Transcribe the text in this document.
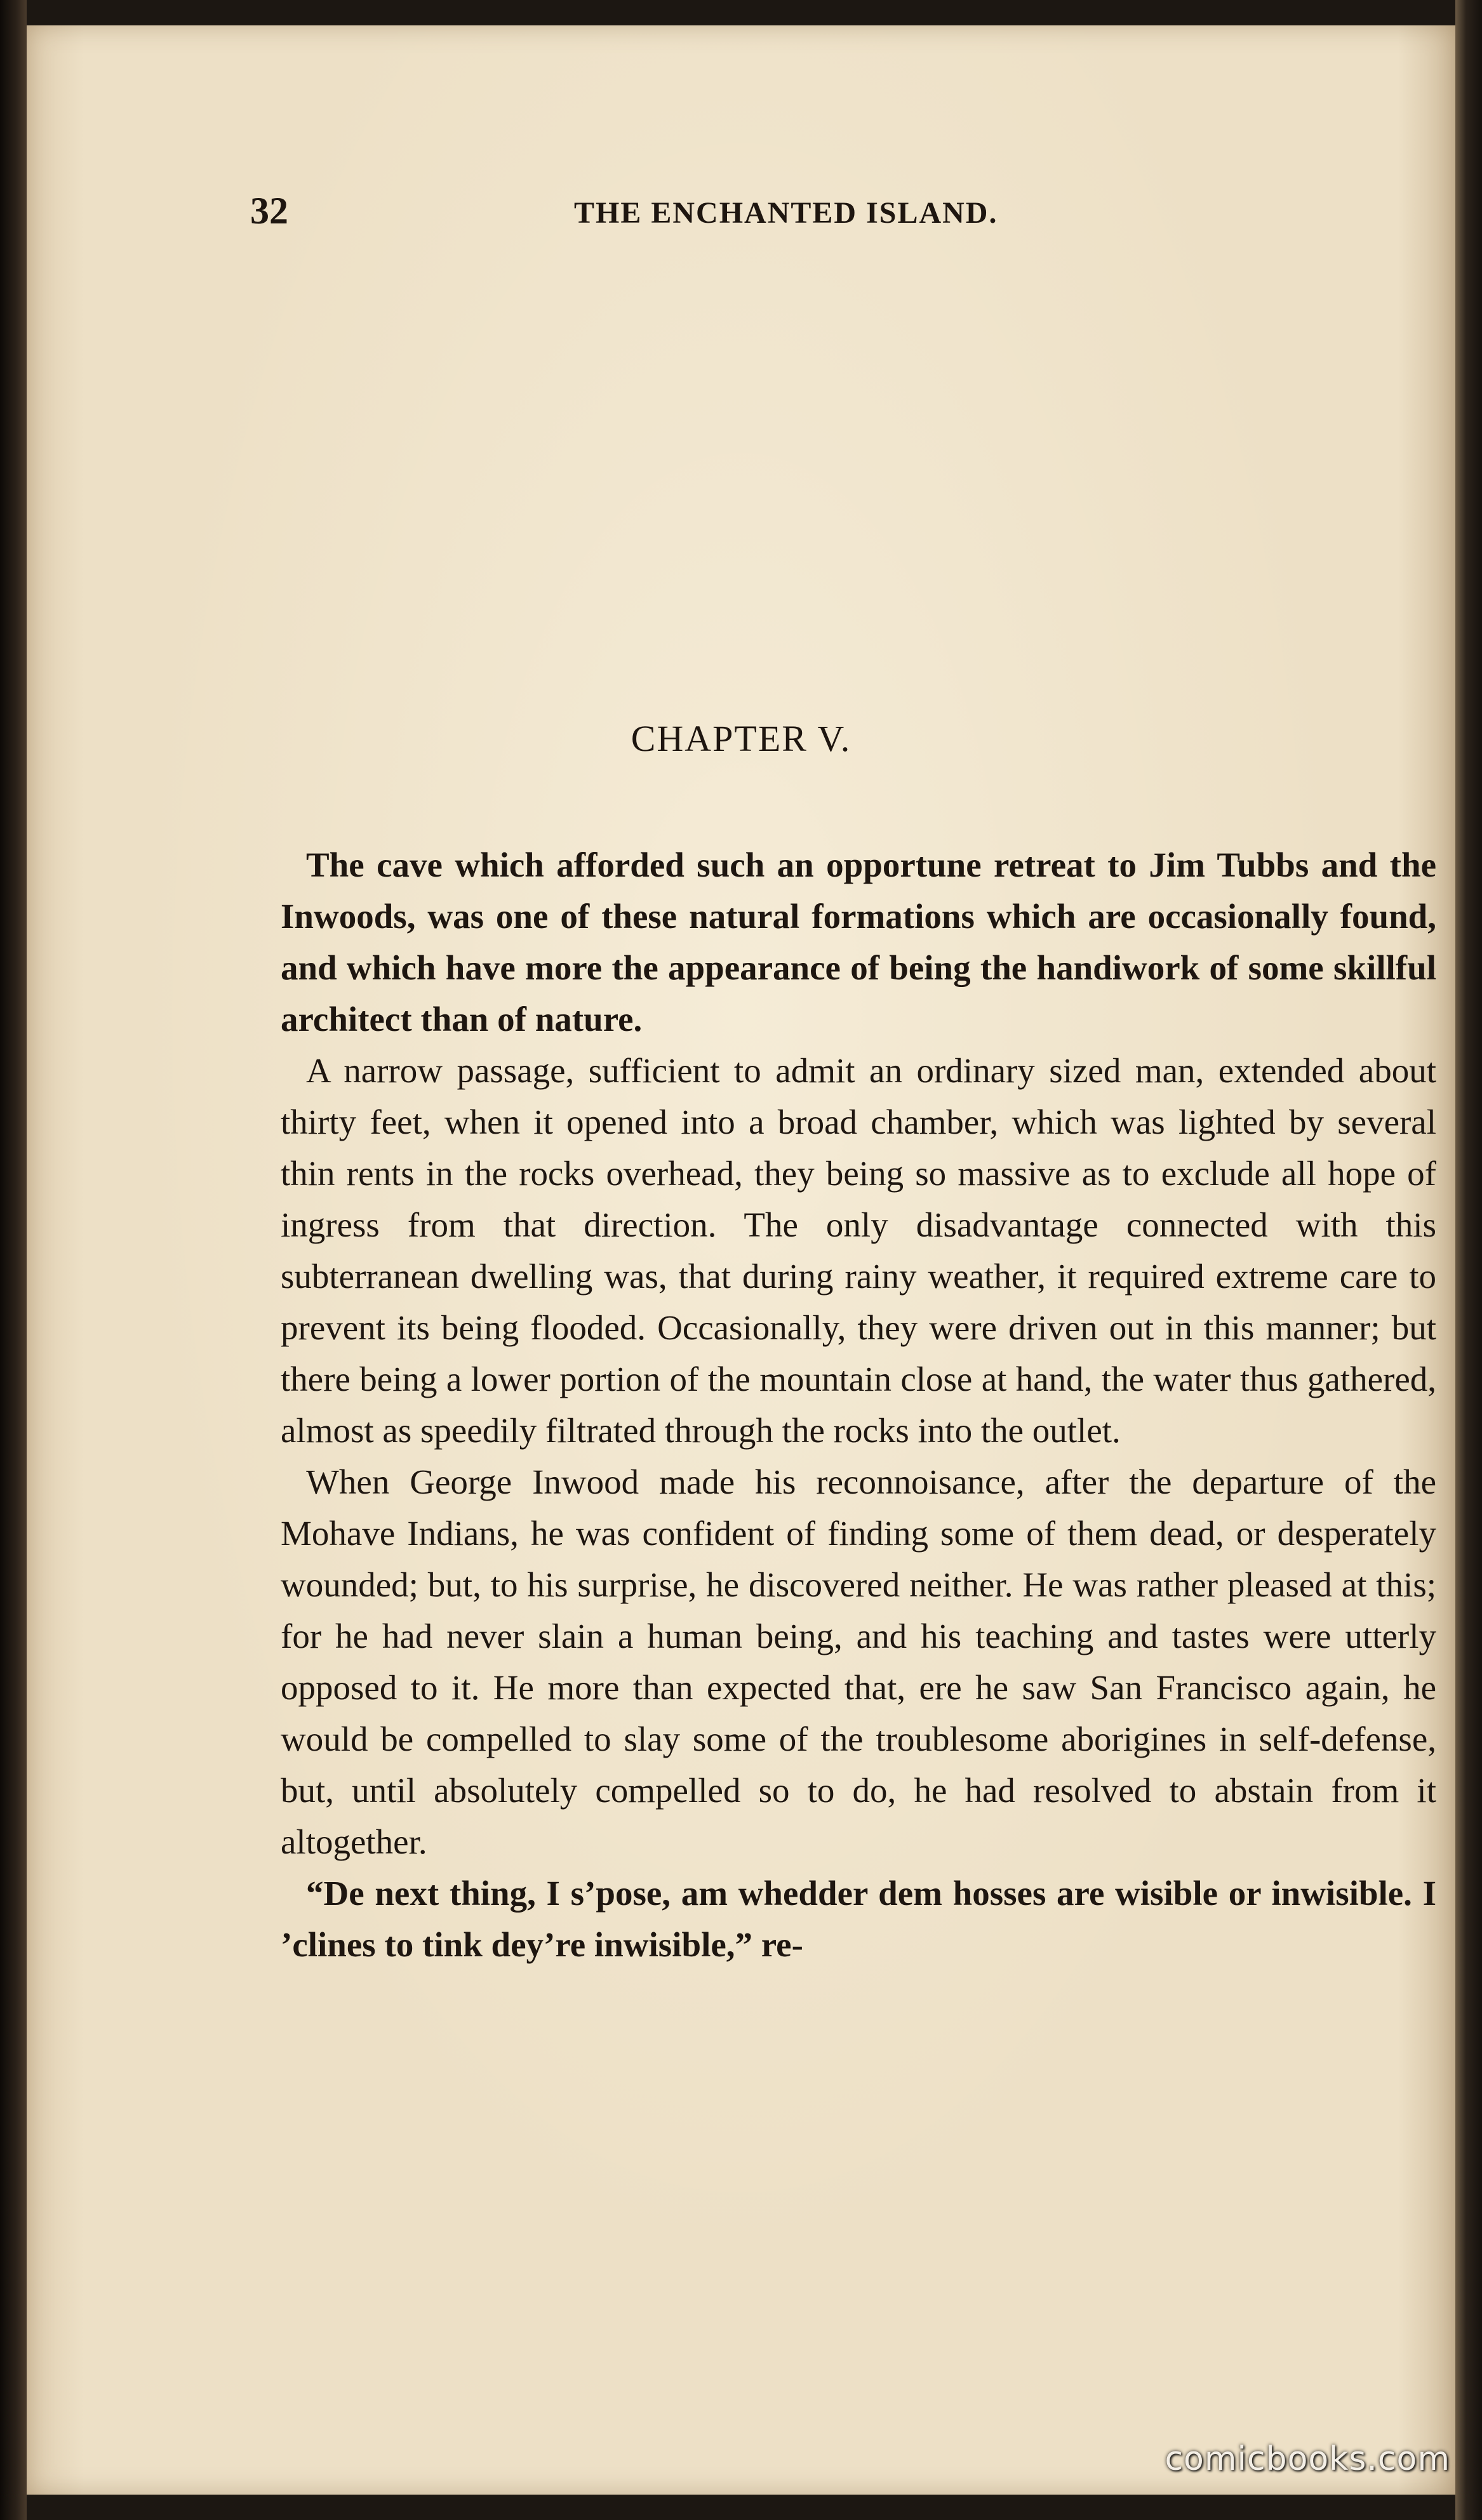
32	THE ENCHANTED ISLAND.
CHAPTER V.

The cave which afforded such an opportune retreat to Jim Tubbs and the Inwoods, was one of these natural formations which are occasionally found, and which have more the appearance of being the handiwork of some skillful architect than of nature.

A narrow passage, sufficient to admit an ordinary sized man, extended about thirty feet, when it opened into a broad chamber, which was lighted by several thin rents in the rocks overhead, they being so massive as to exclude all hope of ingress from that direction. The only disadvantage connected with this subterranean dwelling was, that during rainy weather, it required extreme care to prevent its being flooded. Occasionally, they were driven out in this manner; but there being a lower portion of the mountain close at hand, the water thus gathered, almost as speedily filtrated through the rocks into the outlet.

When George Inwood made his reconnoisance, after the departure of the Mohave Indians, he was confident of finding some of them dead, or desperately wounded; but, to his surprise, he discovered neither. He was rather pleased at this; for he had never slain a human being, and his teaching and tastes were utterly opposed to it. He more than expected that, ere he saw San Francisco again, he would be compelled to slay some of the troublesome aborigines in self-defense, but, until absolutely compelled so to do, he had resolved to abstain from it altogether.

“De next thing, I s’pose, am whedder dem hosses are wisible or inwisible. I ’clines to tink dey’re inwisible,” re-

comicbooks.com
